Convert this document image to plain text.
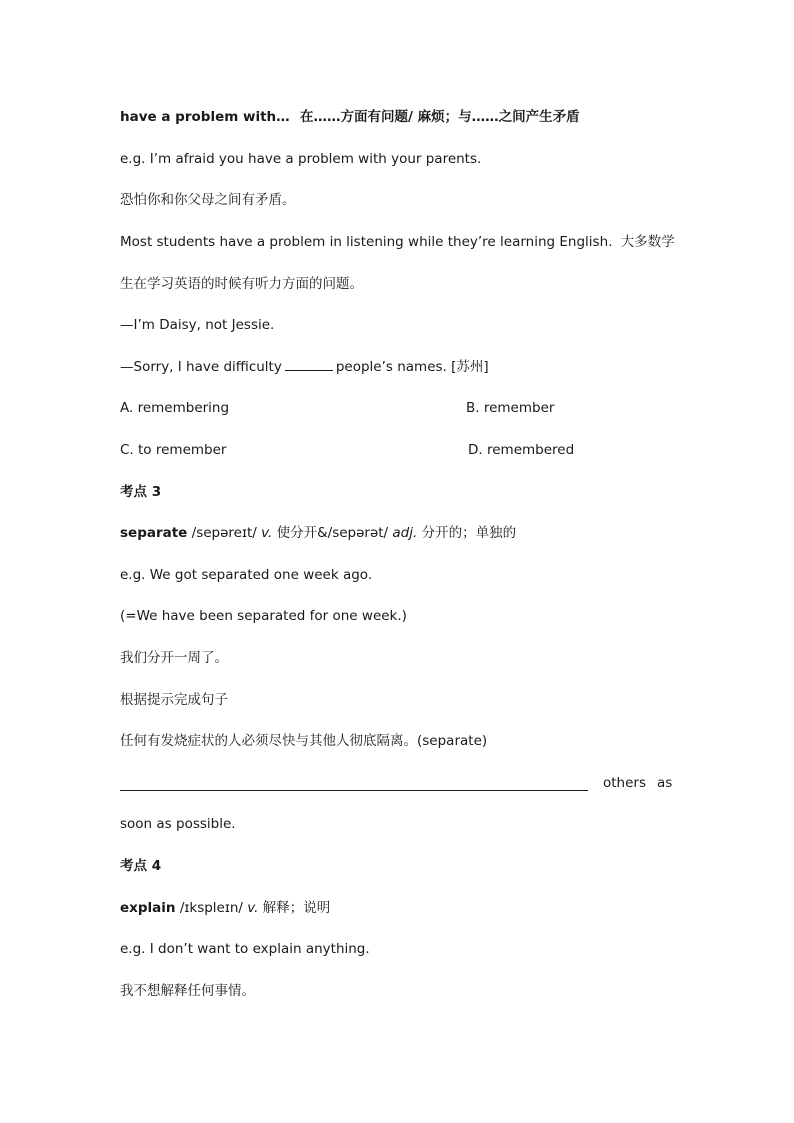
have a problem with… 在……方面有问题/ 麻烦；与……之间产生矛盾
e.g. I’m afraid you have a problem with your parents.
恐怕你和你父母之间有矛盾。
Most students have a problem in listening while they’re learning English. 大多数学
生在学习英语的时候有听力方面的问题。
—I’m Daisy, not Jessie.
—Sorry, I have difficulty	people’s names. [苏州]
A. remembering	B. remember
C. to remember	D. remembered
考点 3
separate /sepəreɪt/ v. 使分开&/sepərət/ adj. 分开的；单独的
e.g. We got separated one week ago.
(=We have been separated for one week.)
我们分开一周了。
根据提示完成句子
任何有发烧症状的人必须尽快与其他人彻底隔离。(separate)
others as
soon as possible.
考点 4
explain /ɪksplеɪn/ v. 解释；说明
e.g. I don’t want to explain anything.
我不想解释任何事情。
